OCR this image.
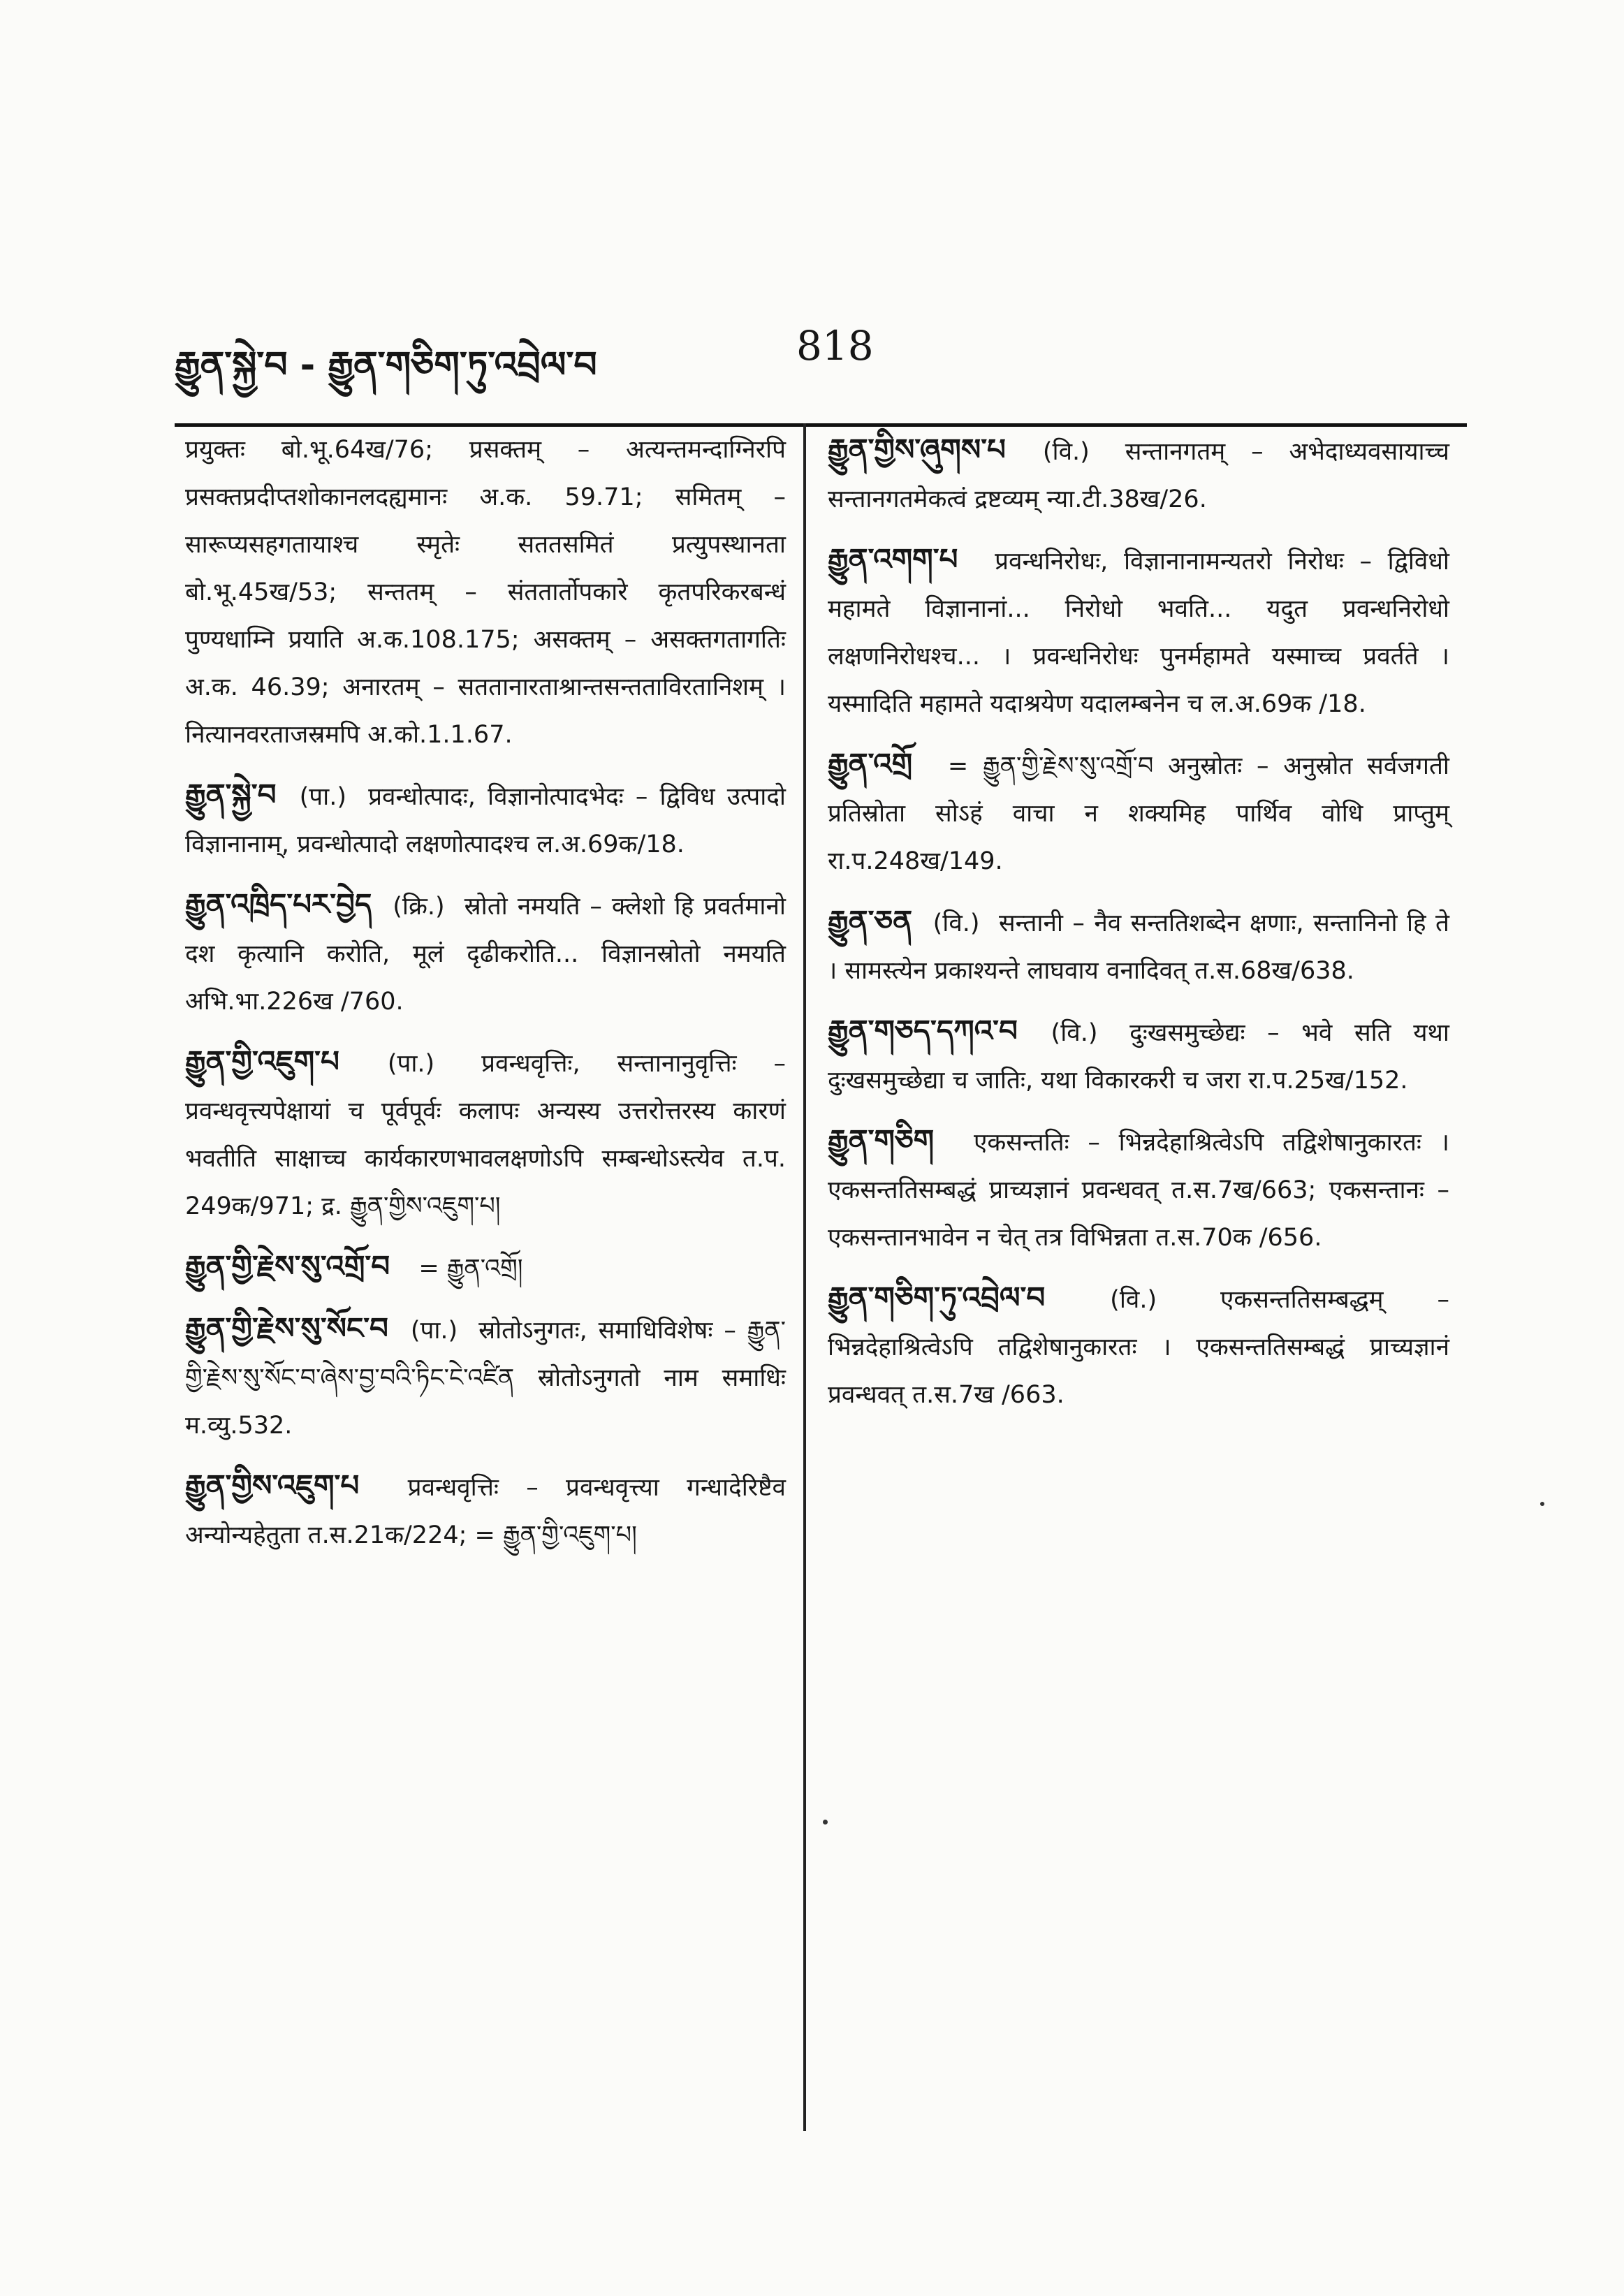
རྒྱུན་སྐྱེ་བ - རྒྱུན་གཅིག་ཏུ་འབྲེལ་བ	818

प्रयुक्तः बो.भू.64ख/76; प्रसक्तम् – अत्यन्तमन्दाग्निरपि प्रसक्तप्रदीप्तशोकानलदह्यमानः अ.क. 59.71; समितम् – सारूप्यसहगतायाश्च स्मृतेः सततसमितं प्रत्युपस्थानता बो.भू.45ख/53; सन्ततम् – संततार्तोपकारे कृतपरिकरबन्धं पुण्यधाम्नि प्रयाति अ.क.108.175; असक्तम् – असक्तगतागतिः अ.क. 46.39; अनारतम् – सततानारताश्रान्तसन्तताविरतानिशम् । नित्यानवरताजस्रमपि अ.को.1.1.67.

རྒྱུན་སྐྱེ་བ (पा.) प्रवन्धोत्पादः, विज्ञानोत्पादभेदः – द्विविध उत्पादो विज्ञानानाम्, प्रवन्धोत्पादो लक्षणोत्पादश्च ल.अ.69क/18.

རྒྱུན་འཁྲིད་པར་བྱེད (क्रि.) स्रोतो नमयति – क्लेशो हि प्रवर्तमानो दश कृत्यानि करोति, मूलं दृढीकरोति... विज्ञानस्रोतो नमयति अभि.भा.226ख /760.

རྒྱུན་གྱི་འཇུག་པ (पा.) प्रवन्धवृत्तिः, सन्तानानुवृत्तिः – प्रवन्धवृत्त्यपेक्षायां च पूर्वपूर्वः कलापः अन्यस्य उत्तरोत्तरस्य कारणं भवतीति साक्षाच्च कार्यकारणभावलक्षणोऽपि सम्बन्धोऽस्त्येव त.प. 249क/971; द्र. རྒྱུན་གྱིས་འཇུག་པ།

རྒྱུན་གྱི་རྗེས་སུ་འགྲོ་བ = རྒྱུན་འགྲོ།

རྒྱུན་གྱི་རྗེས་སུ་སོང་བ (पा.) स्रोतोऽनुगतः, समाधिविशेषः – རྒྱུན་གྱི་རྗེས་སུ་སོང་བ་ཞེས་བྱ་བའི་ཏིང་ངེ་འཛིན स्रोतोऽनुगतो नाम समाधिः म.व्यु.532.

རྒྱུན་གྱིས་འཇུག་པ प्रवन्धवृत्तिः – प्रवन्धवृत्त्या गन्धादेरिष्टैव अन्योन्यहेतुता त.स.21क/224; = རྒྱུན་གྱི་འཇུག་པ།

རྒྱུན་གྱིས་ཞུགས་པ (वि.) सन्तानगतम् – अभेदाध्यवसायाच्च सन्तानगतमेकत्वं द्रष्टव्यम् न्या.टी.38ख/26.

རྒྱུན་འགག་པ प्रवन्धनिरोधः, विज्ञानानामन्यतरो निरोधः – द्विविधो महामते विज्ञानानां... निरोधो भवति... यदुत प्रवन्धनिरोधो लक्षणनिरोधश्च... । प्रवन्धनिरोधः पुनर्महामते यस्माच्च प्रवर्तते । यस्मादिति महामते यदाश्रयेण यदालम्बनेन च ल.अ.69क /18.

རྒྱུན་འགྲོ = རྒྱུན་གྱི་རྗེས་སུ་འགྲོ་བ अनुस्रोतः – अनुस्रोत सर्वजगती प्रतिस्रोता सोऽहं वाचा न शक्यमिह पार्थिव वोधि प्राप्तुम् रा.प.248ख/149.

རྒྱུན་ཅན (वि.) सन्तानी – नैव सन्ततिशब्देन क्षणाः, सन्तानिनो हि ते । सामस्त्येन प्रकाश्यन्ते लाघवाय वनादिवत् त.स.68ख/638.

རྒྱུན་གཅད་དཀའ་བ (वि.) दुःखसमुच्छेद्यः – भवे सति यथा दुःखसमुच्छेद्या च जातिः, यथा विकारकरी च जरा रा.प.25ख/152.

རྒྱུན་གཅིག एकसन्ततिः – भिन्नदेहाश्रित्वेऽपि तद्विशेषानुकारतः । एकसन्ततिसम्बद्धं प्राच्यज्ञानं प्रवन्धवत् त.स.7ख/663; एकसन्तानः – एकसन्तानभावेन न चेत् तत्र विभिन्नता त.स.70क /656.

རྒྱུན་གཅིག་ཏུ་འབྲེལ་བ	(वि.)	एकसन्ततिसम्बद्धम् – भिन्नदेहाश्रित्वेऽपि तद्विशेषानुकारतः । एकसन्ततिसम्बद्धं प्राच्यज्ञानं प्रवन्धवत् त.स.7ख /663.
